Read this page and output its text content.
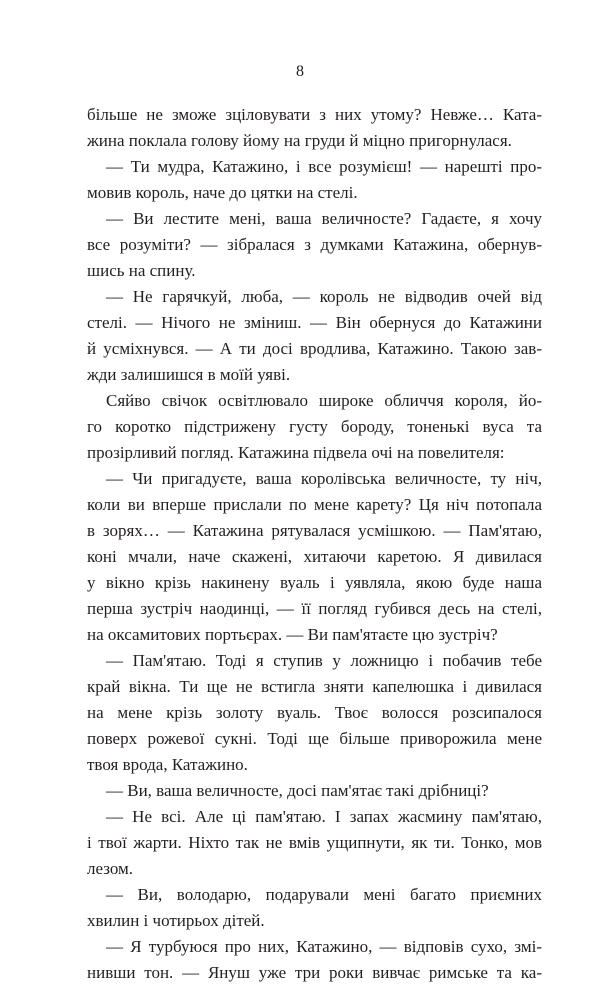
8
більше не зможе зціловувати з них утому? Невже… Ката-
жина поклала голову йому на груди й міцно пригорнулася.
— Ти мудра, Катажино, і все розумієш! — нарешті про-
мовив король, наче до цятки на стелі.
— Ви лестите мені, ваша величносте? Гадаєте, я хочу
все розуміти? — зібралася з думками Катажина, обернув-
шись на спину.
— Не гарячкуй, люба, — король не відводив очей від
стелі. — Нічого не зміниш. — Він обернуся до Катажини
й усміхнувся. — А ти досі вродлива, Катажино. Такою зав-
жди залишишся в моїй уяві.
Сяйво свічок освітлювало широке обличчя короля, йо-
го коротко підстрижену густу бороду, тоненькі вуса та
прозірливий погляд. Катажина підвела очі на повелителя:
— Чи пригадуєте, ваша королівська величносте, ту ніч,
коли ви вперше прислали по мене карету? Ця ніч потопала
в зорях… — Катажина рятувалася усмішкою. — Пам'ятаю,
коні мчали, наче скажені, хитаючи каретою. Я дивилася
у вікно крізь накинену вуаль і уявляла, якою буде наша
перша зустріч наодинці, — її погляд губився десь на стелі,
на оксамитових портьєрах. — Ви пам'ятаєте цю зустріч?
— Пам'ятаю. Тоді я ступив у ложницю і побачив тебе
край вікна. Ти ще не встигла зняти капелюшка і дивилася
на мене крізь золоту вуаль. Твоє волосся розсипалося
поверх рожевої сукні. Тоді ще більше приворожила мене
твоя врода, Катажино.
— Ви, ваша величносте, досі пам'ятає такі дрібниці?
— Не всі. Але ці пам'ятаю. І запах жасмину пам'ятаю,
і твої жарти. Ніхто так не вмів ущипнути, як ти. Тонко, мов
лезом.
— Ви, володарю, подарували мені багато приємних
хвилин і чотирьох дітей.
— Я турбуюся про них, Катажино, — відповів сухо, змі-
нивши тон. — Януш уже три роки вивчає римське та ка-
